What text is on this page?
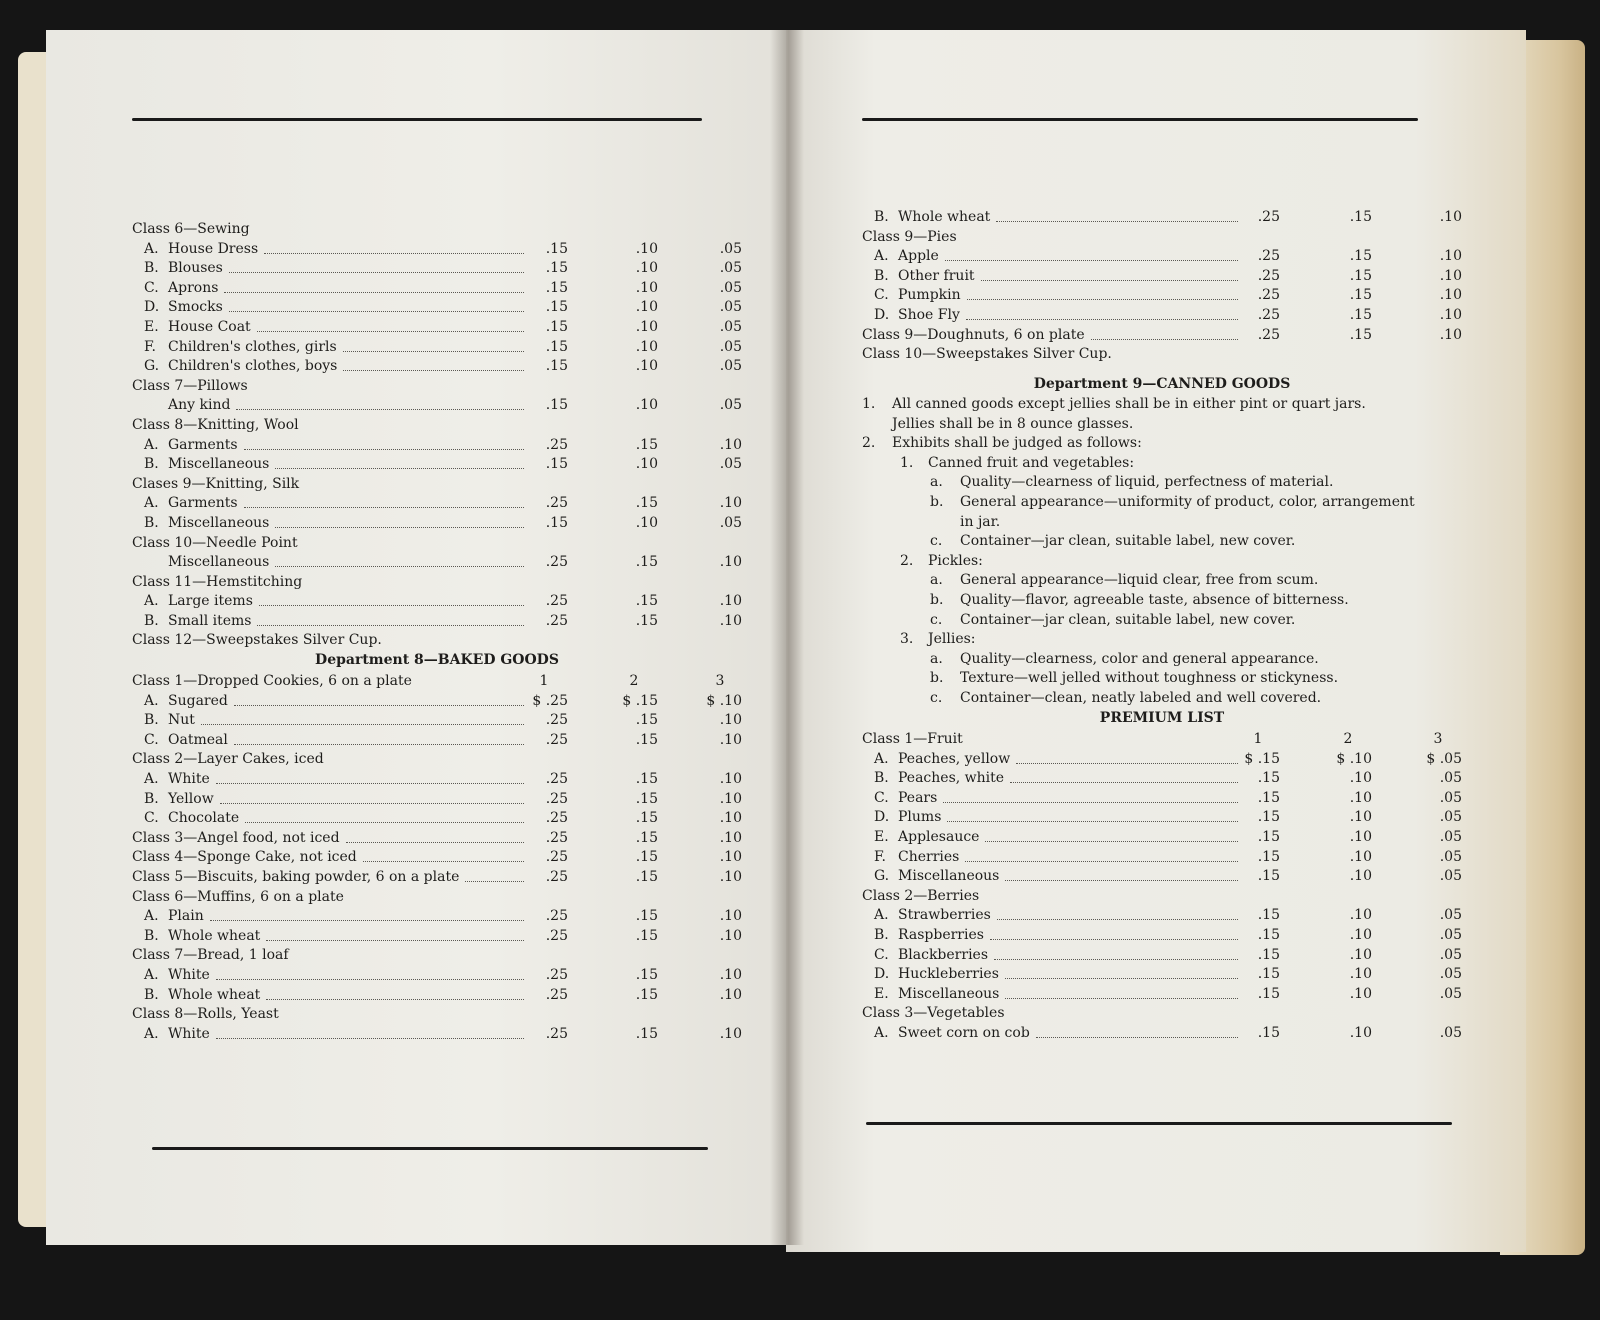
Class 6—Sewing
A. House Dress	.15	.10	.05
B. Blouses	.15	.10	.05
C. Aprons	.15	.10	.05
D. Smocks	.15	.10	.05
E. House Coat	.15	.10	.05
F. Children's clothes, girls	.15	.10	.05
G. Children's clothes, boys	.15	.10	.05
Class 7—Pillows
Any kind	.15	.10	.05
Class 8—Knitting, Wool
A. Garments	.25	.15	.10
B. Miscellaneous	.15	.10	.05
Clases 9—Knitting, Silk
A. Garments	.25	.15	.10
B. Miscellaneous	.15	.10	.05
Class 10—Needle Point
Miscellaneous	.25	.15	.10
Class 11—Hemstitching
A. Large items	.25	.15	.10
B. Small items	.25	.15	.10
Class 12—Sweepstakes Silver Cup.
Department 8—BAKED GOODS
Class 1—Dropped Cookies, 6 on a plate	1	2	3
A. Sugared	$ .25	$ .15	$ .10
B. Nut	.25	.15	.10
C. Oatmeal	.25	.15	.10
Class 2—Layer Cakes, iced
A. White	.25	.15	.10
B. Yellow	.25	.15	.10
C. Chocolate	.25	.15	.10
Class 3—Angel food, not iced	.25	.15	.10
Class 4—Sponge Cake, not iced	.25	.15	.10
Class 5—Biscuits, baking powder, 6 on a plate	.25	.15	.10
Class 6—Muffins, 6 on a plate
A. Plain	.25	.15	.10
B. Whole wheat	.25	.15	.10
Class 7—Bread, 1 loaf
A. White	.25	.15	.10
B. Whole wheat	.25	.15	.10
Class 8—Rolls, Yeast
A. White	.25	.15	.10
B. Whole wheat	.25	.15	.10
Class 9—Pies
A. Apple	.25	.15	.10
B. Other fruit	.25	.15	.10
C. Pumpkin	.25	.15	.10
D. Shoe Fly	.25	.15	.10
Class 9—Doughnuts, 6 on plate	.25	.15	.10
Class 10—Sweepstakes Silver Cup.
Department 9—CANNED GOODS
1. All canned goods except jellies shall be in either pint or quart jars.
Jellies shall be in 8 ounce glasses.
2. Exhibits shall be judged as follows:
1. Canned fruit and vegetables:
a. Quality—clearness of liquid, perfectness of material.
b. General appearance—uniformity of product, color, arrangement
in jar.
c. Container—jar clean, suitable label, new cover.
2. Pickles:
a. General appearance—liquid clear, free from scum.
b. Quality—flavor, agreeable taste, absence of bitterness.
c. Container—jar clean, suitable label, new cover.
3. Jellies:
a. Quality—clearness, color and general appearance.
b. Texture—well jelled without toughness or stickyness.
c. Container—clean, neatly labeled and well covered.
PREMIUM LIST
Class 1—Fruit	1	2	3
A. Peaches, yellow	$ .15	$ .10	$ .05
B. Peaches, white	.15	.10	.05
C. Pears	.15	.10	.05
D. Plums	.15	.10	.05
E. Applesauce	.15	.10	.05
F. Cherries	.15	.10	.05
G. Miscellaneous	.15	.10	.05
Class 2—Berries
A. Strawberries	.15	.10	.05
B. Raspberries	.15	.10	.05
C. Blackberries	.15	.10	.05
D. Huckleberries	.15	.10	.05
E. Miscellaneous	.15	.10	.05
Class 3—Vegetables
A. Sweet corn on cob	.15	.10	.05
